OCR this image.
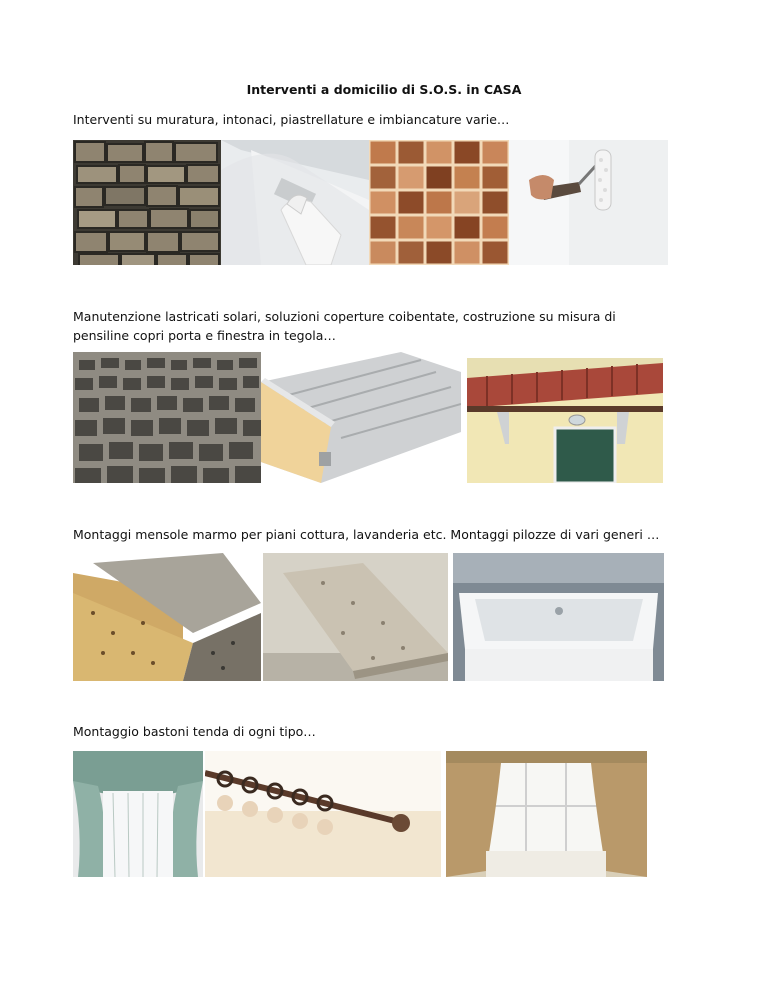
Interventi a domicilio di S.O.S. in CASA
Interventi su muratura, intonaci, piastrellature e imbiancature varie…
Manutenzione lastricati solari, soluzioni coperture coibentate, costruzione su misura di pensiline copri porta e finestra in tegola…
Montaggi mensole marmo per piani cottura, lavanderia etc. Montaggi pilozze di vari generi …
Montaggio bastoni tenda di ogni tipo…
